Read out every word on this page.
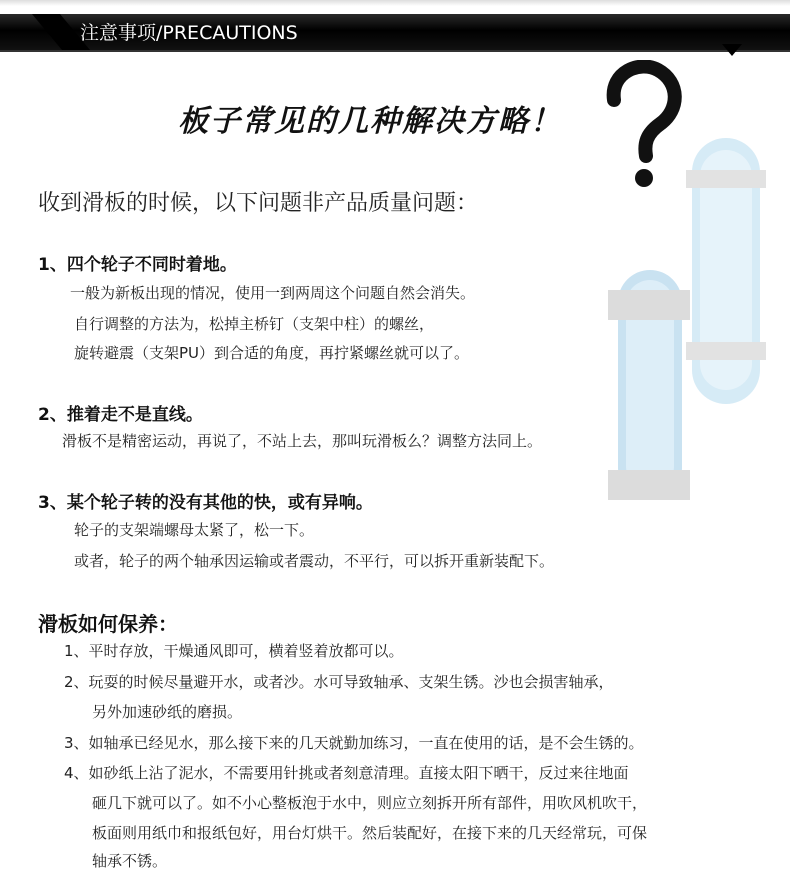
注意事项/PRECAUTIONS
板子常见的几种解决方略！
收到滑板的时候，以下问题非产品质量问题：
1、四个轮子不同时着地。
一般为新板出现的情况，使用一到两周这个问题自然会消失。
自行调整的方法为，松掉主桥钉（支架中柱）的螺丝，
旋转避震（支架PU）到合适的角度，再拧紧螺丝就可以了。
2、推着走不是直线。
滑板不是精密运动，再说了，不站上去，那叫玩滑板么？调整方法同上。
3、某个轮子转的没有其他的快，或有异响。
轮子的支架端螺母太紧了，松一下。
或者，轮子的两个轴承因运输或者震动，不平行，可以拆开重新装配下。
滑板如何保养：
1、平时存放，干燥通风即可，横着竖着放都可以。
2、玩耍的时候尽量避开水，或者沙。水可导致轴承、支架生锈。沙也会损害轴承，
另外加速砂纸的磨损。
3、如轴承已经见水，那么接下来的几天就勤加练习，一直在使用的话，是不会生锈的。
4、如砂纸上沾了泥水，不需要用针挑或者刻意清理。直接太阳下晒干，反过来往地面
砸几下就可以了。如不小心整板泡于水中，则应立刻拆开所有部件，用吹风机吹干，
板面则用纸巾和报纸包好，用台灯烘干。然后装配好，在接下来的几天经常玩，可保
轴承不锈。
